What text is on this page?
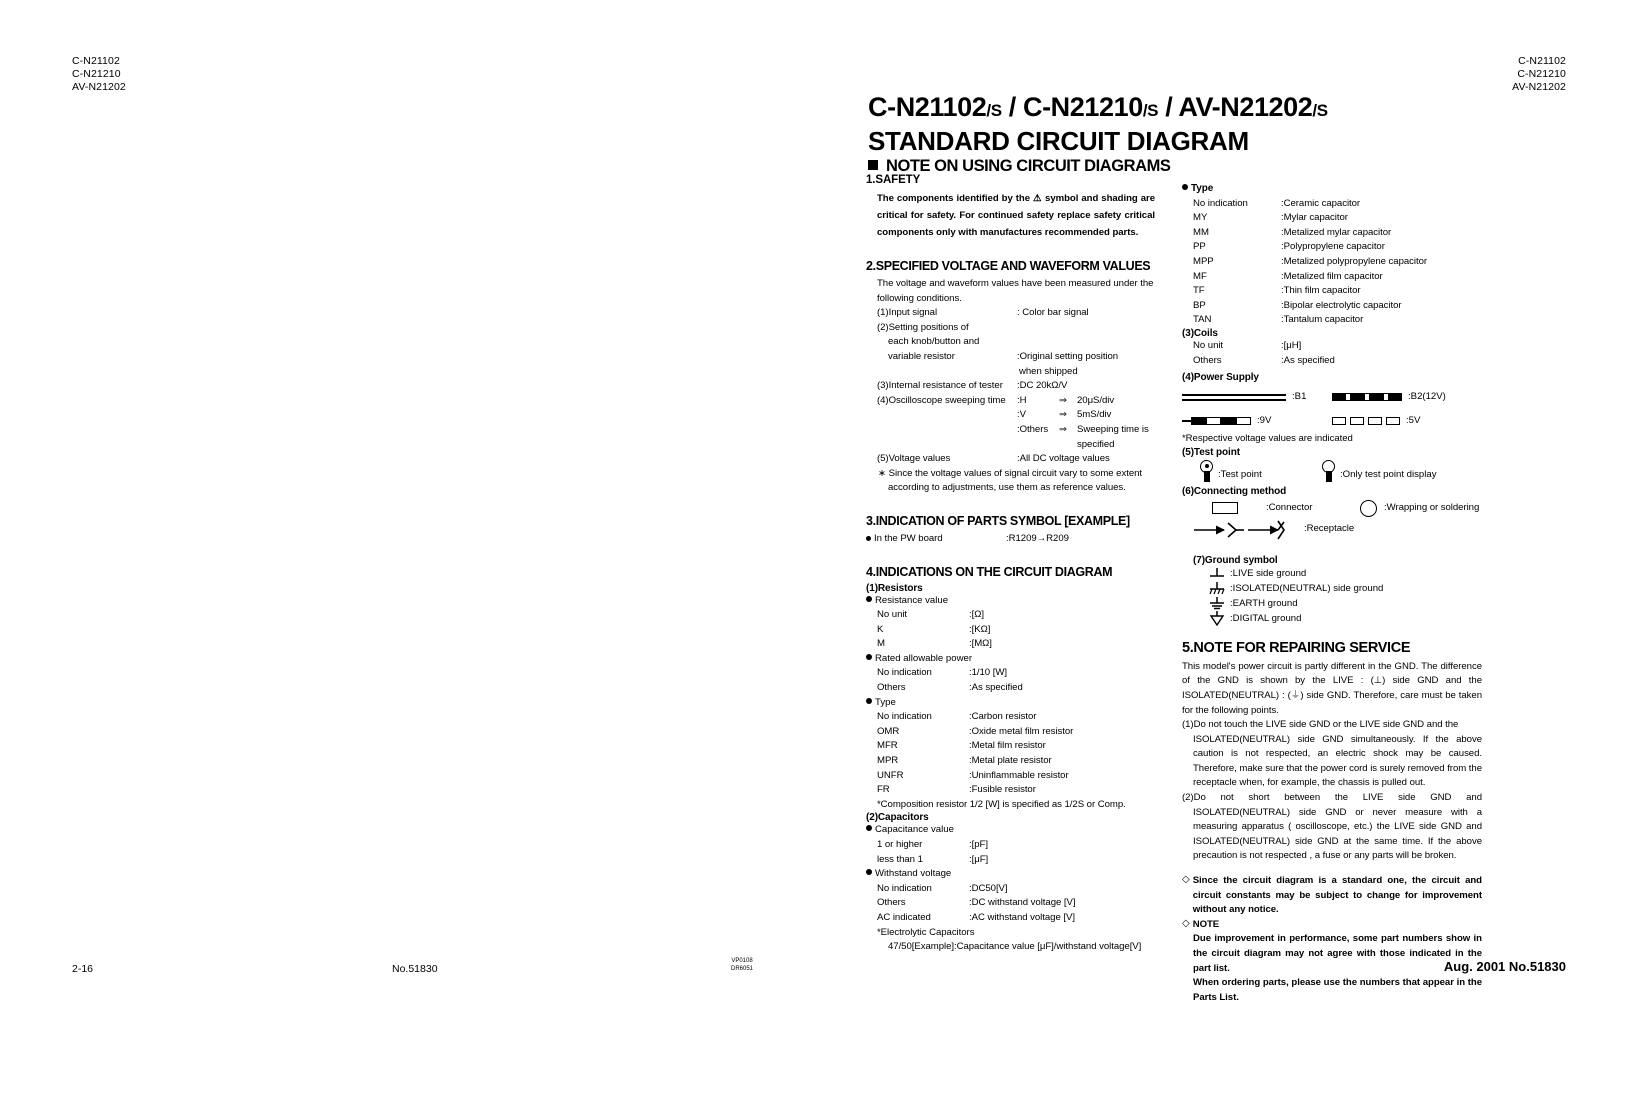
C-N21102
C-N21210
AV-N21202
C-N21102
C-N21210
AV-N21202
C-N21102/S / C-N21210/S / AV-N21202/S
STANDARD CIRCUIT DIAGRAM
NOTE ON USING CIRCUIT DIAGRAMS
1.SAFETY
The components identified by the ⚠ symbol and shading are critical for safety. For continued safety replace safety critical components only with manufactures recommended parts.
2.SPECIFIED VOLTAGE AND WAVEFORM VALUES
The voltage and waveform values have been measured under the following conditions.
(1)Input signal	: Color bar signal
(2)Setting positions of
each knob/button and
variable resistor	:Original setting position
when shipped
(3)Internal resistance of tester	:DC 20kΩ/V
(4)Oscilloscope sweeping time	:H	⇒	20μS/div
:V	⇒	5mS/div
:Others	⇒	Sweeping time is
specified
(5)Voltage values	:All DC voltage values
∗ Since the voltage values of signal circuit vary to some extent according to adjustments, use them as reference values.
3.INDICATION OF PARTS SYMBOL [EXAMPLE]
In the PW board	:R1209→R209
4.INDICATIONS ON THE CIRCUIT DIAGRAM
(1)Resistors
Resistance value
No unit	:[Ω]
K	:[KΩ]
M	:[MΩ]
Rated allowable power
No indication	:1/10 [W]
Others	:As specified
Type
No indication	:Carbon resistor
OMR	:Oxide metal film resistor
MFR	:Metal film resistor
MPR	:Metal plate resistor
UNFR	:Uninflammable resistor
FR	:Fusible resistor
*Composition resistor 1/2 [W] is specified as 1/2S or Comp.
(2)Capacitors
Capacitance value
1 or higher	:[pF]
less than 1	:[μF]
Withstand voltage
No indication	:DC50[V]
Others	:DC withstand voltage [V]
AC indicated	:AC withstand voltage [V]
*Electrolytic Capacitors
47/50[Example]:Capacitance value [μF]/withstand voltage[V]
Type
No indication	:Ceramic capacitor
MY	:Mylar capacitor
MM	:Metalized mylar capacitor
PP	:Polypropylene capacitor
MPP	:Metalized polypropylene capacitor
MF	:Metalized film capacitor
TF	:Thin film capacitor
BP	:Bipolar electrolytic capacitor
TAN	:Tantalum capacitor
(3)Coils
No unit	:[μH]
Others	:As specified
(4)Power Supply
:B1	:B2(12V)
:9V	:5V
*Respective voltage values are indicated
(5)Test point
:Test point	:Only test point display
(6)Connecting method
:Connector	:Wrapping or soldering
:Receptacle
(7)Ground symbol
:LIVE side ground
:ISOLATED(NEUTRAL) side ground
:EARTH ground
:DIGITAL ground
5.NOTE FOR REPAIRING SERVICE
This model's power circuit is partly different in the GND. The difference of the GND is shown by the LIVE : (⊥) side GND and the ISOLATED(NEUTRAL) : (⏚) side GND. Therefore, care must be taken for the following points.
(1) Do not touch the LIVE side GND or the LIVE side GND and the
ISOLATED(NEUTRAL) side GND simultaneously. If the above caution is not respected, an electric shock may be caused. Therefore, make sure that the power cord is surely removed from the receptacle when, for example, the chassis is pulled out.
(2) Do not short between the LIVE side GND and
ISOLATED(NEUTRAL) side GND or never measure with a measuring apparatus ( oscilloscope, etc.) the LIVE side GND and ISOLATED(NEUTRAL) side GND at the same time. If the above precaution is not respected , a fuse or any parts will be broken.
◇ Since the circuit diagram is a standard one, the circuit and circuit constants may be subject to change for improvement without any notice.
◇ NOTE
Due improvement in performance, some part numbers show in the circuit diagram may not agree with those indicated in the part list.
When ordering parts, please use the numbers that appear in the Parts List.
2-16	No.51830
VP0108
DR6051	Aug. 2001 No.51830
